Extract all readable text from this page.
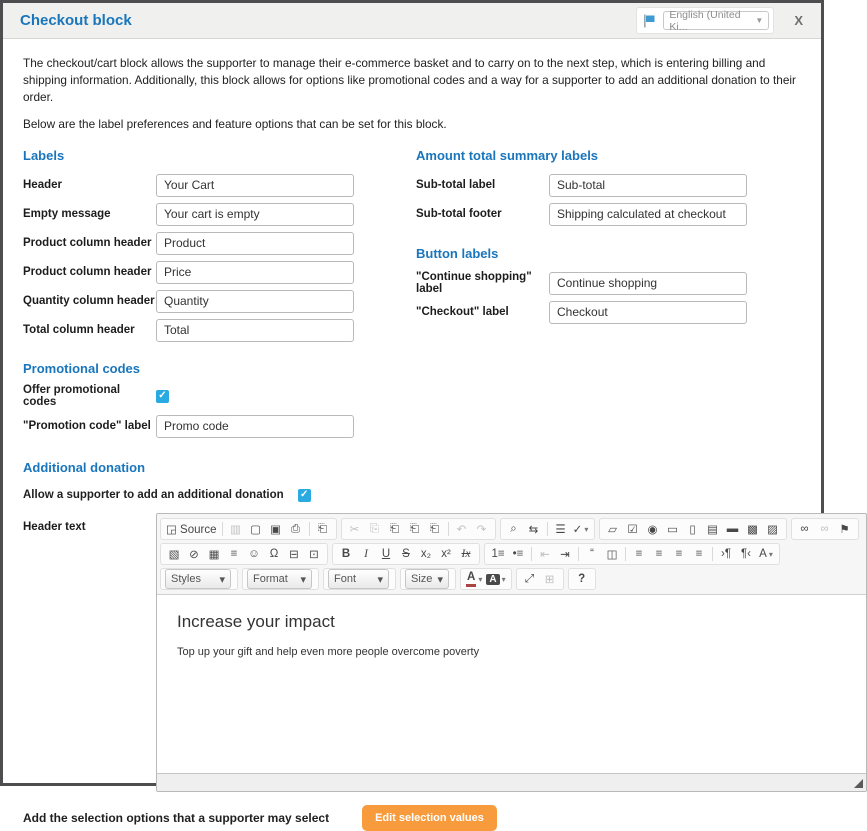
Checkout block	English (United Ki...	▼ X

The checkout/cart block allows the supporter to manage their e-commerce basket and to carry on to the next step, which is entering billing and shipping information. Additionally, this block allows for options like promotional codes and a way for a supporter to add an additional donation to their order.

Below are the label preferences and feature options that can be set for this block.

Labels
Header
Your Cart
Empty message
Your cart is empty
Product column header
Product
Product column header
Price
Quantity column header
Quantity
Total column header
Total
Promotional codes
Offer promotional codes
✓
"Promotion code" label
Promo code
Amount total summary labels
Sub-total label
Sub-total
Sub-total footer
Shipping calculated at checkout
Button labels
"Continue shopping" label
Continue shopping
"Checkout" label
Checkout
Additional donation
Allow a supporter to add an additional donation
✓
Header text	◲ Source ▥ ▢ ▣ ⎙ ⎗ ✂ ⎘ ⎗ ⎗ ⎗ ↶ ↷ ⌕ ⇆ ☰ ✓ ▾ ▱ ☑ ◉ ▭ ▯ ▤ ▬ ▩ ▨ ∞ ∞ ⚑
▧ ⊘ ▦ ≡ ☺ Ω ⊟ ⊡ B I U S x₂ x² Ix 1≡ •≡ ⇤ ⇥ “ ◫ ≡ ≡ ≡ ≡ ›¶ ¶‹ A ▾
Styles ▾	Format ▾	Font ▾	Size ▾ A ▾ A ▾ ⤢ ⊞ ?
Increase your impact
Top up your gift and help even more people overcome poverty
Add the selection options that a supporter may select	Edit selection values
